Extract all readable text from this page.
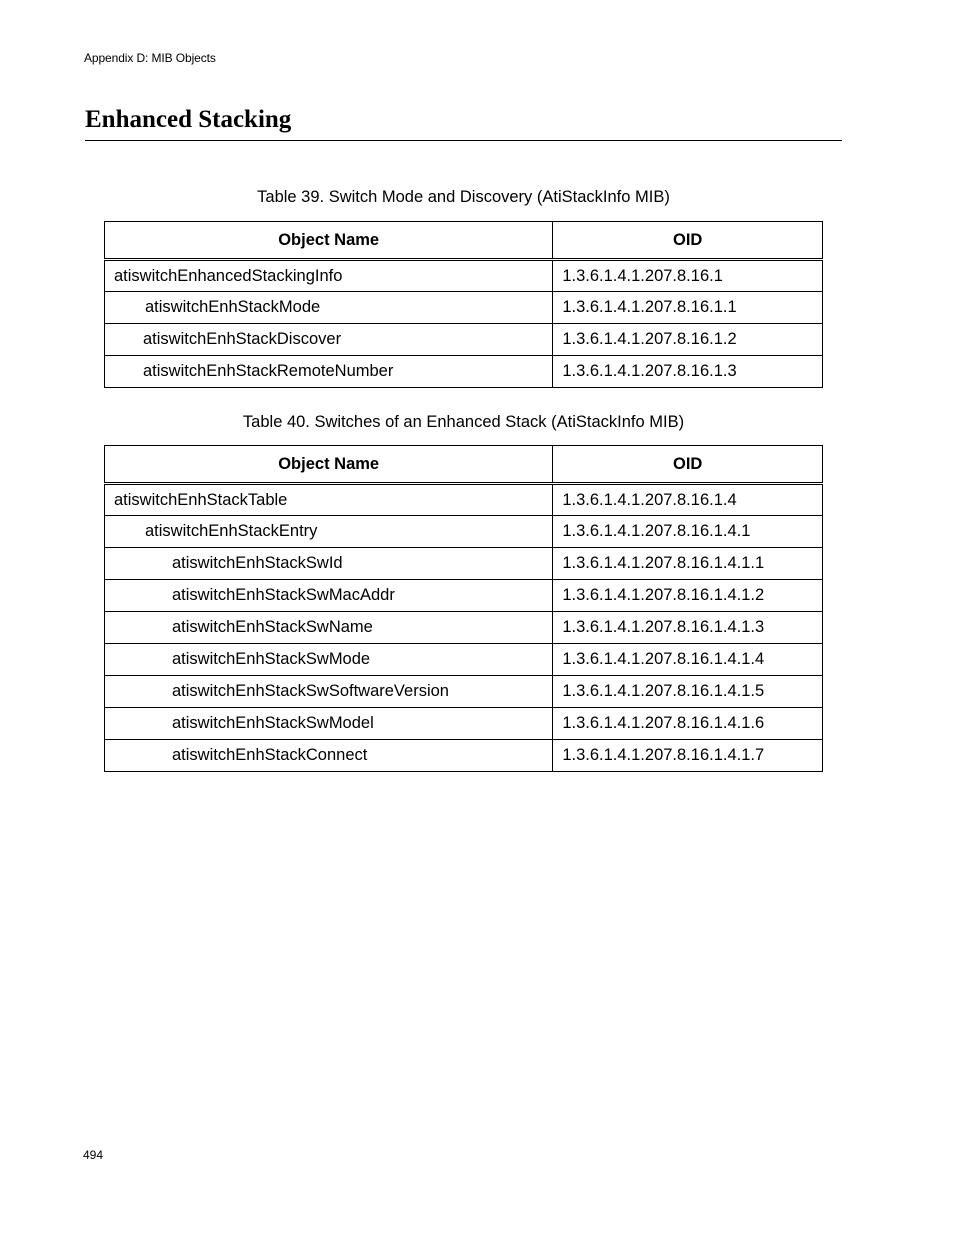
Appendix D: MIB Objects
Enhanced Stacking
Table 39. Switch Mode and Discovery (AtiStackInfo MIB)
Object Name	OID
atiswitchEnhancedStackingInfo	1.3.6.1.4.1.207.8.16.1
atiswitchEnhStackMode	1.3.6.1.4.1.207.8.16.1.1
atiswitchEnhStackDiscover	1.3.6.1.4.1.207.8.16.1.2
atiswitchEnhStackRemoteNumber	1.3.6.1.4.1.207.8.16.1.3
Table 40. Switches of an Enhanced Stack (AtiStackInfo MIB)
Object Name	OID
atiswitchEnhStackTable	1.3.6.1.4.1.207.8.16.1.4
atiswitchEnhStackEntry	1.3.6.1.4.1.207.8.16.1.4.1
atiswitchEnhStackSwId	1.3.6.1.4.1.207.8.16.1.4.1.1
atiswitchEnhStackSwMacAddr	1.3.6.1.4.1.207.8.16.1.4.1.2
atiswitchEnhStackSwName	1.3.6.1.4.1.207.8.16.1.4.1.3
atiswitchEnhStackSwMode	1.3.6.1.4.1.207.8.16.1.4.1.4
atiswitchEnhStackSwSoftwareVersion	1.3.6.1.4.1.207.8.16.1.4.1.5
atiswitchEnhStackSwModel	1.3.6.1.4.1.207.8.16.1.4.1.6
atiswitchEnhStackConnect	1.3.6.1.4.1.207.8.16.1.4.1.7
494
